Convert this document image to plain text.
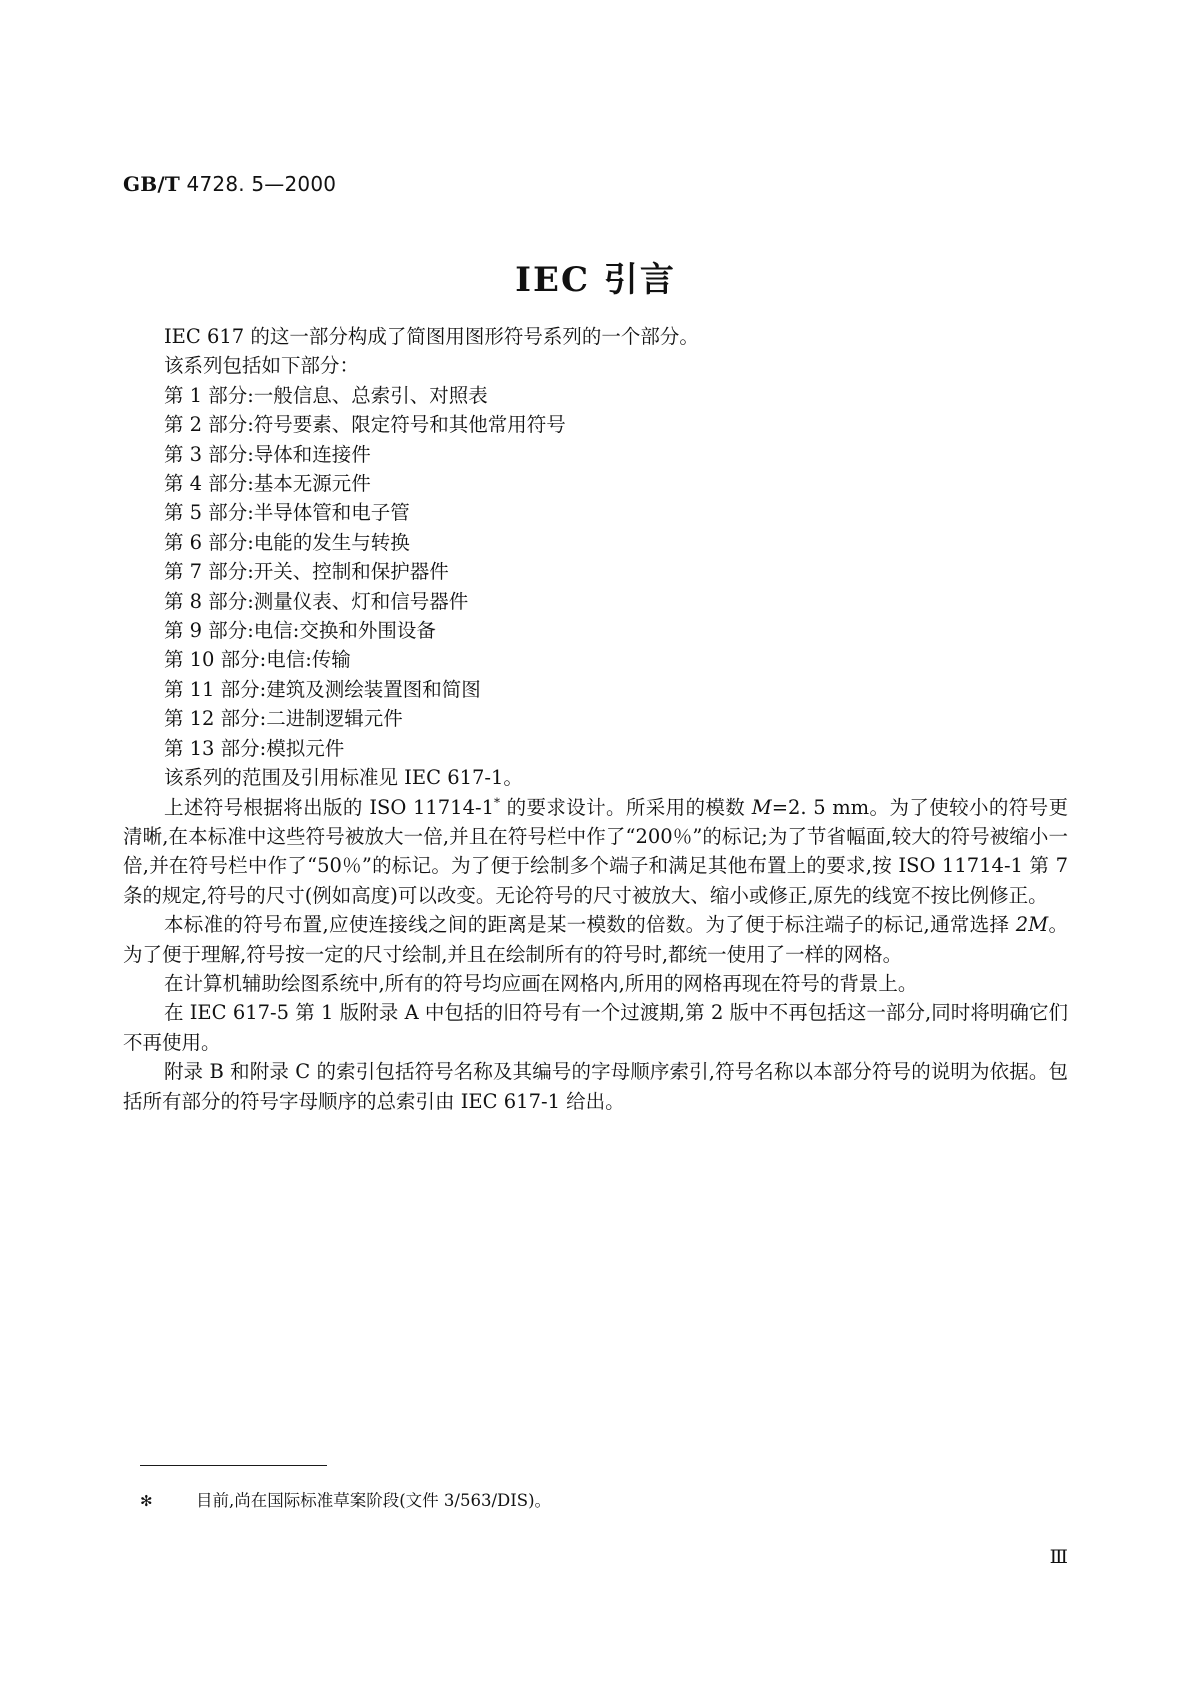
GB/T 4728. 5—2000
IEC 引言

IEC 617 的这一部分构成了简图用图形符号系列的一个部分。

该系列包括如下部分：

第 1 部分:一般信息、总索引、对照表

第 2 部分:符号要素、限定符号和其他常用符号

第 3 部分:导体和连接件

第 4 部分:基本无源元件

第 5 部分:半导体管和电子管

第 6 部分:电能的发生与转换

第 7 部分:开关、控制和保护器件

第 8 部分:测量仪表、灯和信号器件

第 9 部分:电信:交换和外围设备

第 10 部分:电信:传输

第 11 部分:建筑及测绘装置图和简图

第 12 部分:二进制逻辑元件

第 13 部分:模拟元件

该系列的范围及引用标准见 IEC 617-1。

上述符号根据将出版的 ISO 11714-1* 的要求设计。所采用的模数 M=2. 5 mm。为了使较小的符号更清晰,在本标准中这些符号被放大一倍,并且在符号栏中作了“200％”的标记;为了节省幅面,较大的符号被缩小一倍,并在符号栏中作了“50％”的标记。为了便于绘制多个端子和满足其他布置上的要求,按 ISO 11714-1 第 7 条的规定,符号的尺寸(例如高度)可以改变。无论符号的尺寸被放大、缩小或修正,原先的线宽不按比例修正。

本标准的符号布置,应使连接线之间的距离是某一模数的倍数。为了便于标注端子的标记,通常选择 2M。为了便于理解,符号按一定的尺寸绘制,并且在绘制所有的符号时,都统一使用了一样的网格。

在计算机辅助绘图系统中,所有的符号均应画在网格内,所用的网格再现在符号的背景上。

在 IEC 617-5 第 1 版附录 A 中包括的旧符号有一个过渡期,第 2 版中不再包括这一部分,同时将明确它们不再使用。

附录 B 和附录 C 的索引包括符号名称及其编号的字母顺序索引,符号名称以本部分符号的说明为依据。包括所有部分的符号字母顺序的总索引由 IEC 617-1 给出。

✻	目前,尚在国际标准草案阶段(文件 3/563/DIS)。
Ⅲ
